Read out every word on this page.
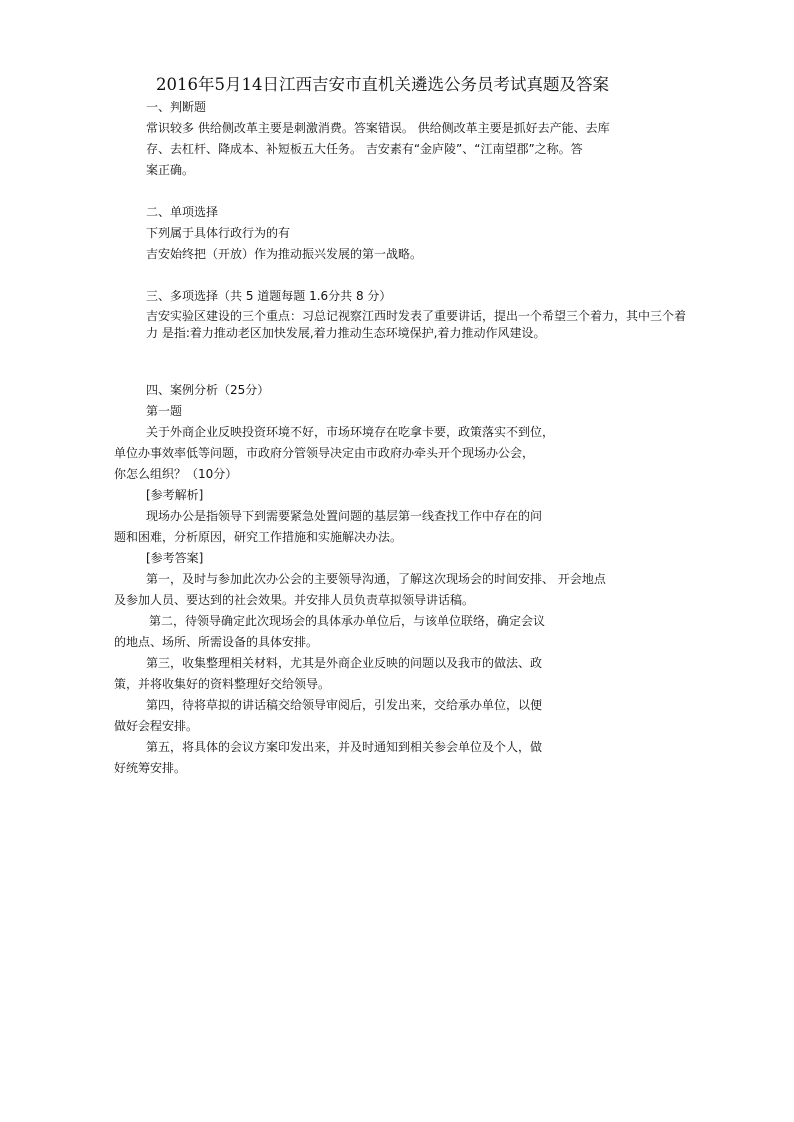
2016年5月14日江西吉安市直机关遴选公务员考试真题及答案
一、判断题
常识较多 供给侧改革主要是刺激消费。答案错误。 供给侧改革主要是抓好去产能、去库
存、去杠杆、降成本、补短板五大任务。 吉安素有“金庐陵”、“江南望郡”之称。答
案正确。
二、单项选择
下列属于具体行政行为的有
吉安始终把（开放）作为推动振兴发展的第一战略。
三、多项选择（共 5 道题每题 1.6分共 8 分）
吉安实验区建设的三个重点：习总记视察江西时发表了重要讲话，提出一个希望三个着力，其中三个着
力 是指:着力推动老区加快发展,着力推动生态环境保护,着力推动作风建设。
四、案例分析（25分）
第一题
关于外商企业反映投资环境不好，市场环境存在吃拿卡要，政策落实不到位，
单位办事效率低等问题，市政府分管领导决定由市政府办牵头开个现场办公会，
你怎么组织？（10分）
[参考解析]
现场办公是指领导下到需要紧急处置问题的基层第一线查找工作中存在的问
题和困难，分析原因，研究工作措施和实施解决办法。
[参考答案]
第一，及时与参加此次办公会的主要领导沟通，了解这次现场会的时间安排、 开会地点
及参加人员、要达到的社会效果。并安排人员负责草拟领导讲话稿。
第二，待领导确定此次现场会的具体承办单位后，与该单位联络，确定会议
的地点、场所、所需设备的具体安排。
第三，收集整理相关材料，尤其是外商企业反映的问题以及我市的做法、政
策，并将收集好的资料整理好交给领导。
第四，待将草拟的讲话稿交给领导审阅后，引发出来，交给承办单位，以便
做好会程安排。
第五，将具体的会议方案印发出来，并及时通知到相关参会单位及个人，做
好统筹安排。
